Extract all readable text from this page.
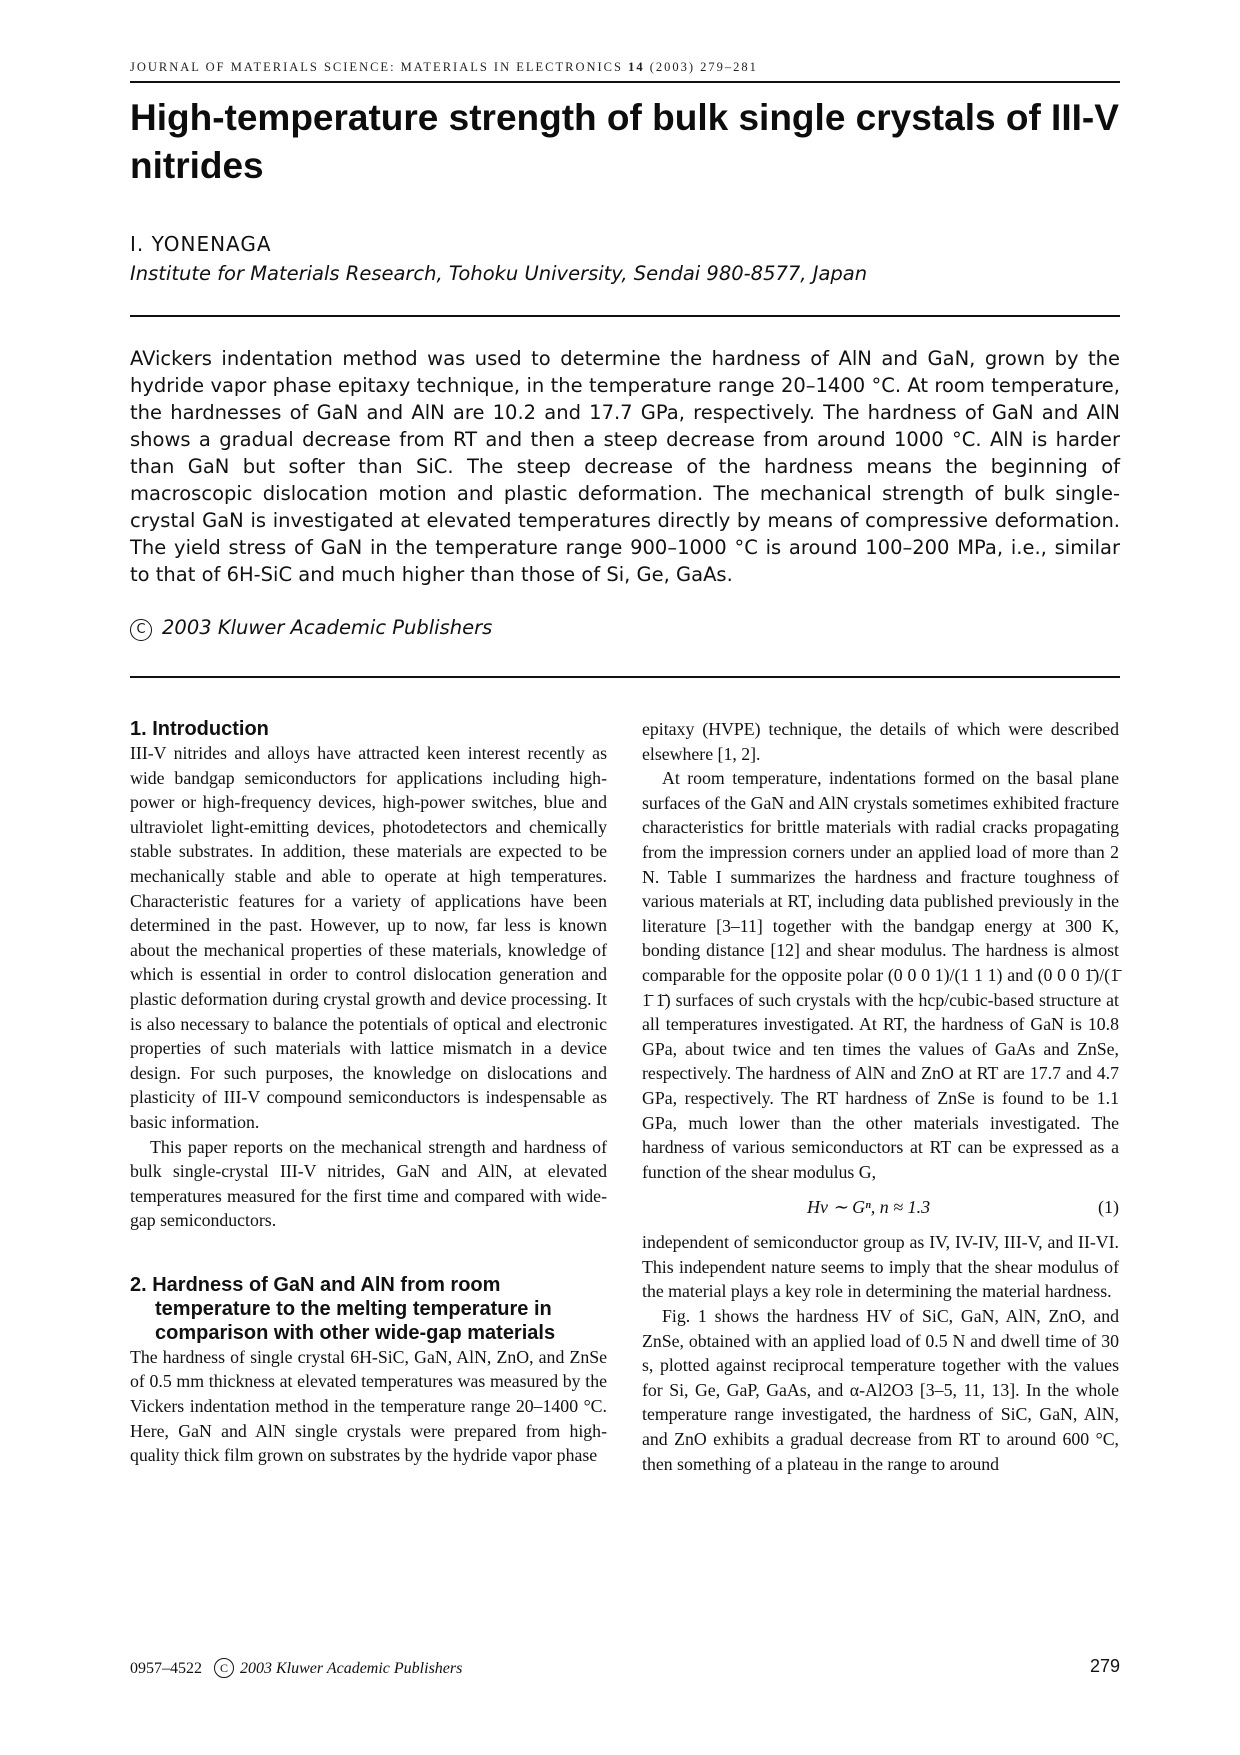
JOURNAL OF MATERIALS SCIENCE: MATERIALS IN ELECTRONICS 14 (2003) 279–281
High-temperature strength of bulk single crystals of III-V nitrides
I. YONENAGA
Institute for Materials Research, Tohoku University, Sendai 980-8577, Japan

AVickers indentation method was used to determine the hardness of AlN and GaN, grown by the hydride vapor phase epitaxy technique, in the temperature range 20–1400 °C. At room temperature, the hardnesses of GaN and AlN are 10.2 and 17.7 GPa, respectively. The hardness of GaN and AlN shows a gradual decrease from RT and then a steep decrease from around 1000 °C. AlN is harder than GaN but softer than SiC. The steep decrease of the hardness means the beginning of macroscopic dislocation motion and plastic deformation. The mechanical strength of bulk single-crystal GaN is investigated at elevated temperatures directly by means of compressive deformation. The yield stress of GaN in the temperature range 900–1000 °C is around 100–200 MPa, i.e., similar to that of 6H-SiC and much higher than those of Si, Ge, GaAs.

C 2003 Kluwer Academic Publishers
1. Introduction

III-V nitrides and alloys have attracted keen interest recently as wide bandgap semiconductors for applications including high-power or high-frequency devices, high-power switches, blue and ultraviolet light-emitting devices, photodetectors and chemically stable substrates. In addition, these materials are expected to be mechanically stable and able to operate at high temperatures. Characteristic features for a variety of applications have been determined in the past. However, up to now, far less is known about the mechanical properties of these materials, knowledge of which is essential in order to control dislocation generation and plastic deformation during crystal growth and device processing. It is also necessary to balance the potentials of optical and electronic properties of such materials with lattice mismatch in a device design. For such purposes, the knowledge on dislocations and plasticity of III-V compound semiconductors is indespensable as basic information.

This paper reports on the mechanical strength and hardness of bulk single-crystal III-V nitrides, GaN and AlN, at elevated temperatures measured for the first time and compared with wide-gap semiconductors.

2. Hardness of GaN and AlN from room temperature to the melting temperature in comparison with other wide-gap materials

The hardness of single crystal 6H-SiC, GaN, AlN, ZnO, and ZnSe of 0.5 mm thickness at elevated temperatures was measured by the Vickers indentation method in the temperature range 20–1400 °C. Here, GaN and AlN single crystals were prepared from high-quality thick film grown on substrates by the hydride vapor phase

epitaxy (HVPE) technique, the details of which were described elsewhere [1, 2].

At room temperature, indentations formed on the basal plane surfaces of the GaN and AlN crystals sometimes exhibited fracture characteristics for brittle materials with radial cracks propagating from the impression corners under an applied load of more than 2 N. Table I summarizes the hardness and fracture toughness of various materials at RT, including data published previously in the literature [3–11] together with the bandgap energy at 300 K, bonding distance [12] and shear modulus. The hardness is almost comparable for the opposite polar (0 0 0 1)/(1 1 1) and (0 0 0 1̄)/(1̄ 1̄ 1̄) surfaces of such crystals with the hcp/cubic-based structure at all temperatures investigated. At RT, the hardness of GaN is 10.8 GPa, about twice and ten times the values of GaAs and ZnSe, respectively. The hardness of AlN and ZnO at RT are 17.7 and 4.7 GPa, respectively. The RT hardness of ZnSe is found to be 1.1 GPa, much lower than the other materials investigated. The hardness of various semiconductors at RT can be expressed as a function of the shear modulus G,

Hv ∼ Gⁿ, n ≈ 1.3	(1)

independent of semiconductor group as IV, IV-IV, III-V, and II-VI. This independent nature seems to imply that the shear modulus of the material plays a key role in determining the material hardness.

Fig. 1 shows the hardness HV of SiC, GaN, AlN, ZnO, and ZnSe, obtained with an applied load of 0.5 N and dwell time of 30 s, plotted against reciprocal temperature together with the values for Si, Ge, GaP, GaAs, and α-Al2O3 [3–5, 11, 13]. In the whole temperature range investigated, the hardness of SiC, GaN, AlN, and ZnO exhibits a gradual decrease from RT to around 600 °C, then something of a plateau in the range to around

0957–4522 C 2003 Kluwer Academic Publishers	279
